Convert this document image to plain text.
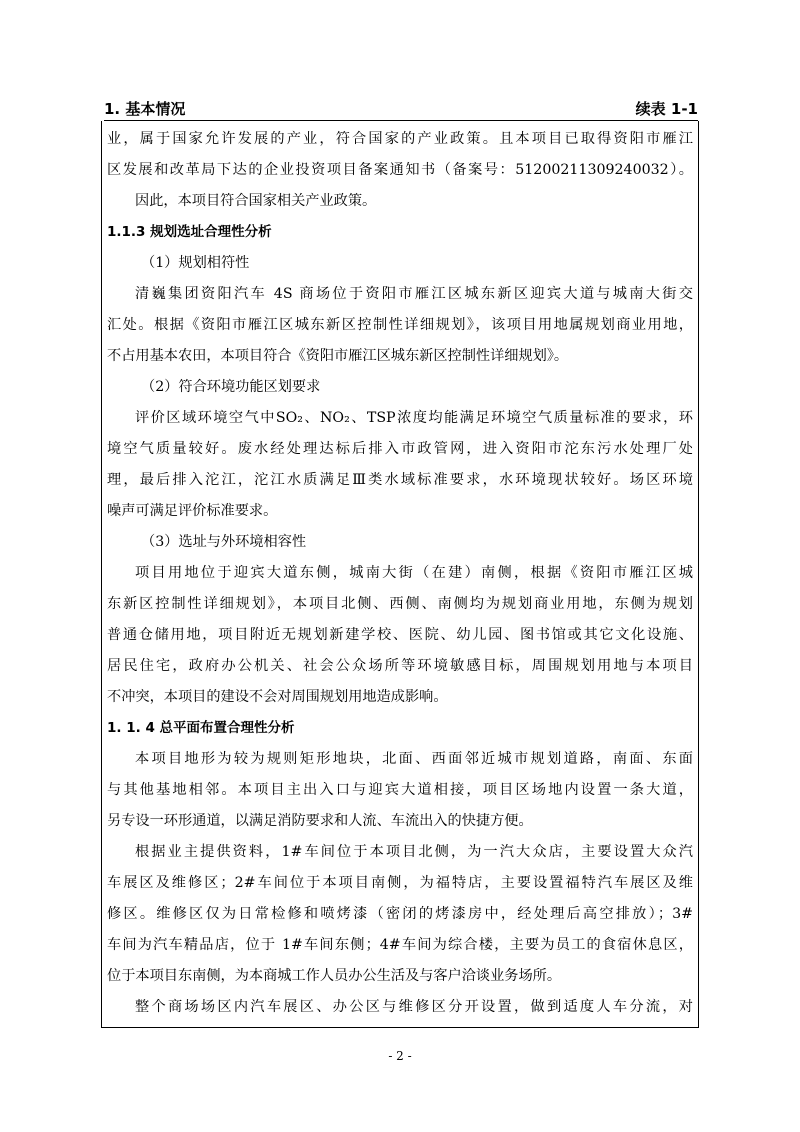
1. 基本情况	续表 1-1
业，属于国家允许发展的产业，符合国家的产业政策。且本项目已取得资阳市雁江
区发展和改革局下达的企业投资项目备案通知书（备案号：51200211309240032）。
因此，本项目符合国家相关产业政策。
1.1.3 规划选址合理性分析
（1）规划相符性
清巍集团资阳汽车 4S 商场位于资阳市雁江区城东新区迎宾大道与城南大街交
汇处。根据《资阳市雁江区城东新区控制性详细规划》，该项目用地属规划商业用地，
不占用基本农田，本项目符合《资阳市雁江区城东新区控制性详细规划》。
（2）符合环境功能区划要求
评价区域环境空气中SO₂、NO₂、TSP浓度均能满足环境空气质量标准的要求，环
境空气质量较好。废水经处理达标后排入市政管网，进入资阳市沱东污水处理厂处
理，最后排入沱江，沱江水质满足Ⅲ类水域标准要求，水环境现状较好。场区环境
噪声可满足评价标准要求。
（3）选址与外环境相容性
项目用地位于迎宾大道东侧，城南大街（在建）南侧，根据《资阳市雁江区城
东新区控制性详细规划》，本项目北侧、西侧、南侧均为规划商业用地，东侧为规划
普通仓储用地，项目附近无规划新建学校、医院、幼儿园、图书馆或其它文化设施、
居民住宅，政府办公机关、社会公众场所等环境敏感目标，周围规划用地与本项目
不冲突，本项目的建设不会对周围规划用地造成影响。
1. 1. 4 总平面布置合理性分析
本项目地形为较为规则矩形地块，北面、西面邻近城市规划道路，南面、东面
与其他基地相邻。本项目主出入口与迎宾大道相接，项目区场地内设置一条大道，
另专设一环形通道，以满足消防要求和人流、车流出入的快捷方便。
根据业主提供资料，1#车间位于本项目北侧，为一汽大众店，主要设置大众汽
车展区及维修区；2#车间位于本项目南侧，为福特店，主要设置福特汽车展区及维
修区。维修区仅为日常检修和喷烤漆（密闭的烤漆房中，经处理后高空排放）；3#
车间为汽车精品店，位于 1#车间东侧；4#车间为综合楼，主要为员工的食宿休息区，
位于本项目东南侧，为本商城工作人员办公生活及与客户洽谈业务场所。
整个商场场区内汽车展区、办公区与维修区分开设置，做到适度人车分流，对
- 2 -
